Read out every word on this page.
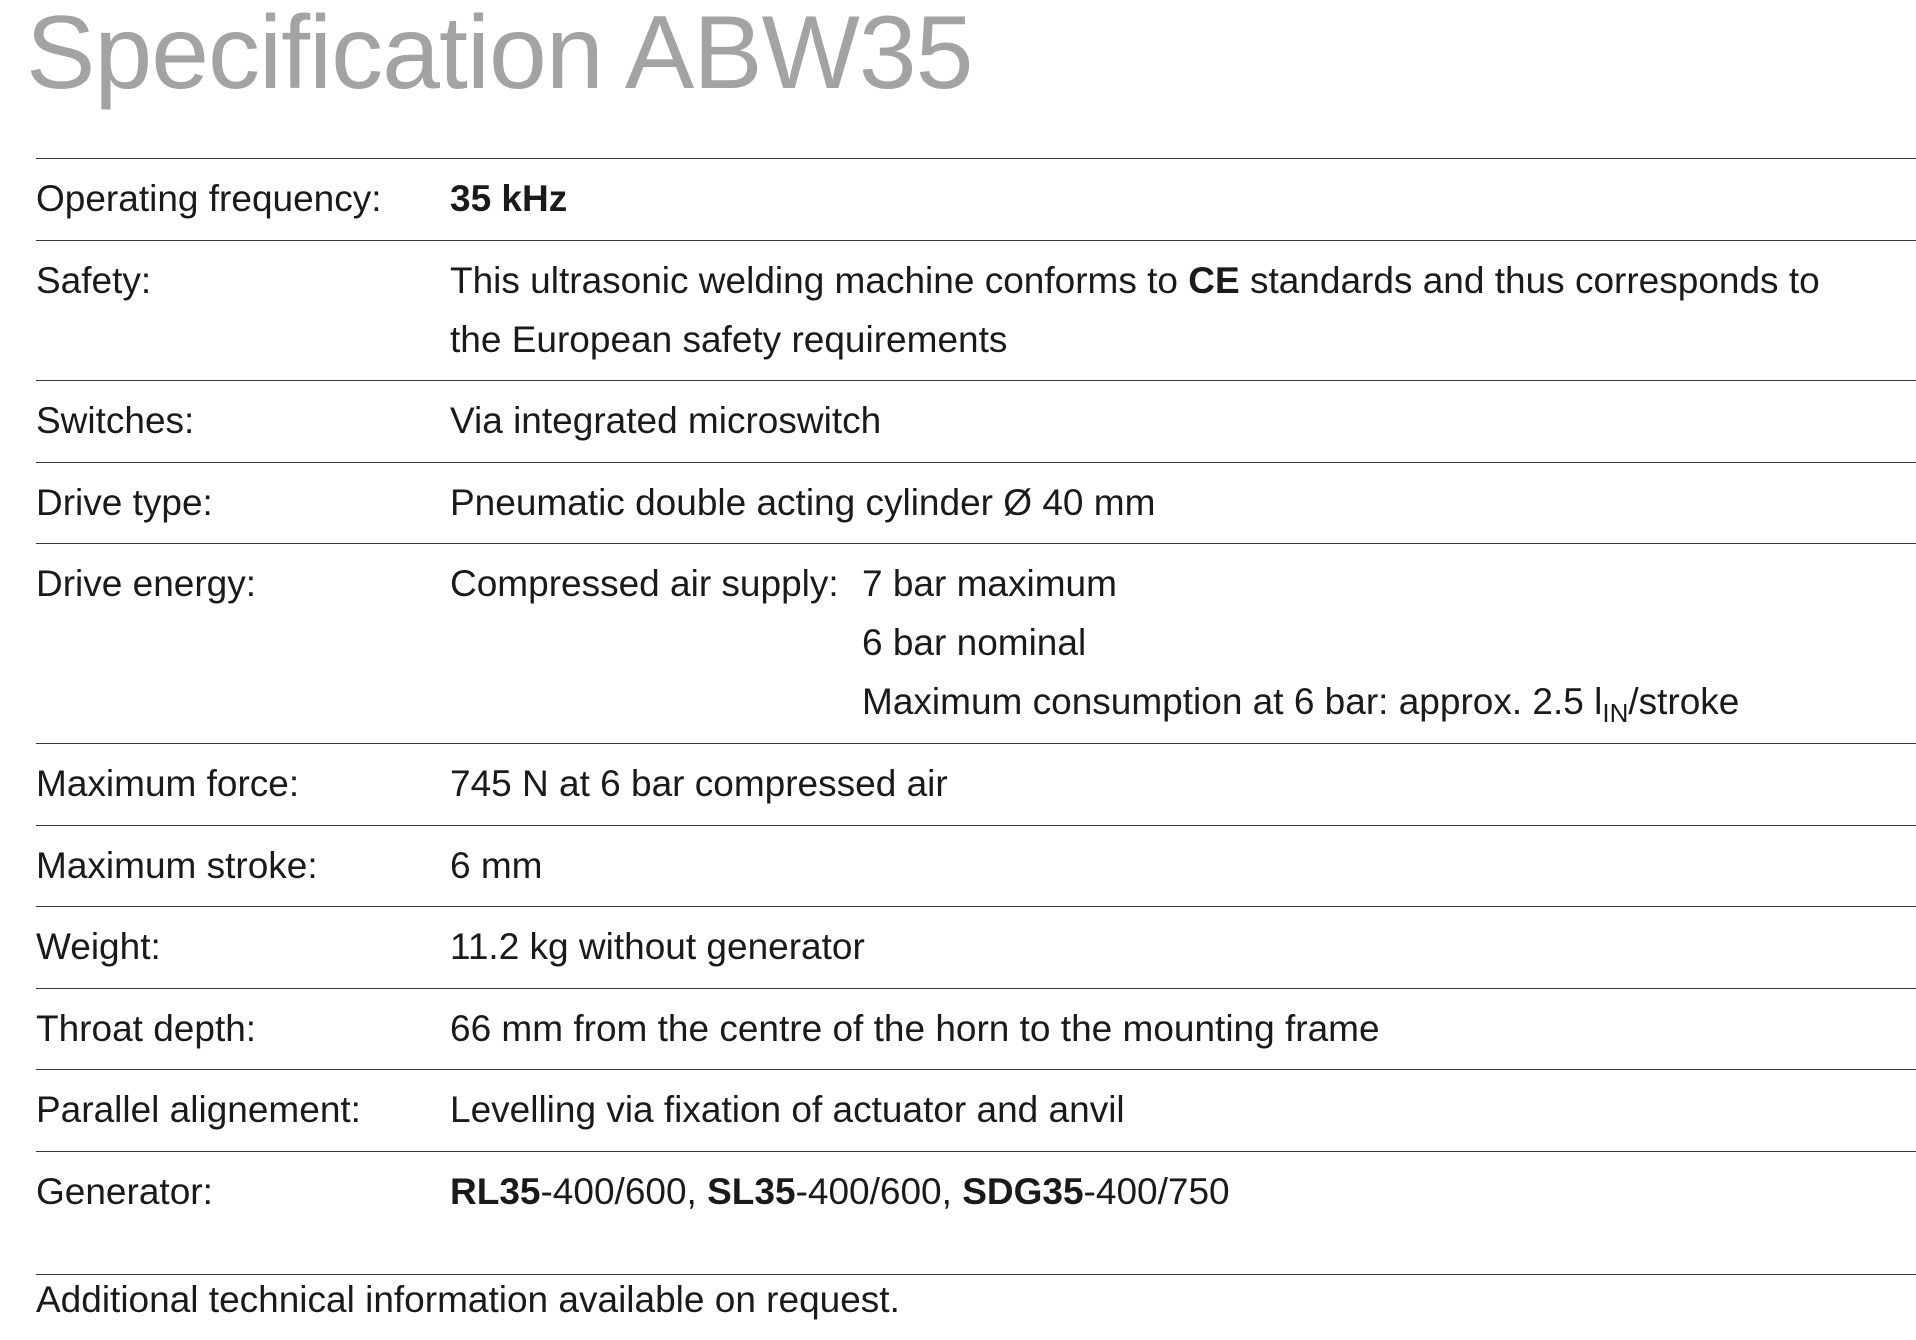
Specification ABW35
Operating frequency:	35 kHz
Safety:	This ultrasonic welding machine conforms to CE standards and thus corresponds to the European safety requirements
Switches:	Via integrated microswitch
Drive type:	Pneumatic double acting cylinder Ø 40 mm
Drive energy:	Compressed air supply: 7 bar maximum
6 bar nominal
Maximum consumption at 6 bar: approx. 2.5 $l_{IN}$/stroke
Maximum force:	745 N at 6 bar compressed air
Maximum stroke:	6 mm
Weight:	11.2 kg without generator
Throat depth:	66 mm from the centre of the horn to the mounting frame
Parallel alignement:	Levelling via fixation of actuator and anvil
Generator:	RL35-400/600, SL35-400/600, SDG35-400/750
Additional technical information available on request.
